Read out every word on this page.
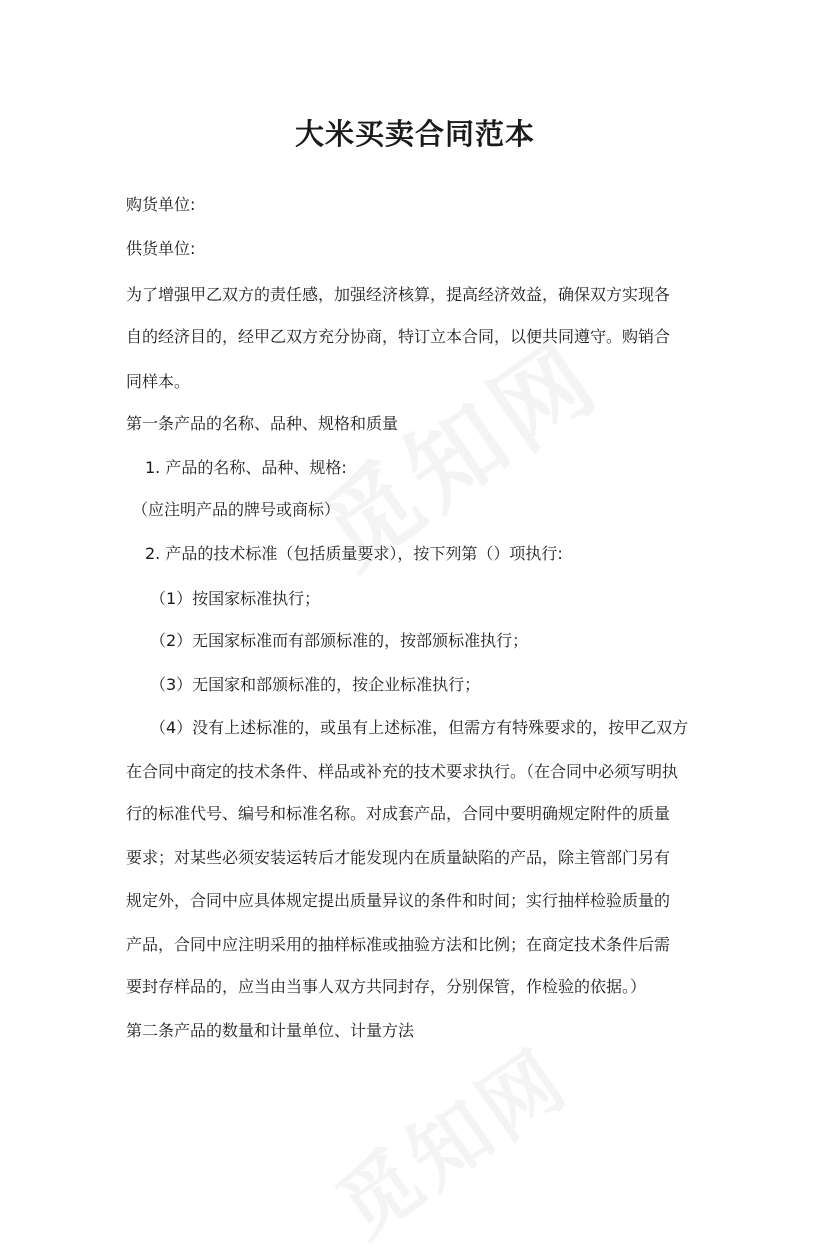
大米买卖合同范本

购货单位:

供货单位:

为了增强甲乙双方的责任感，加强经济核算，提高经济效益，确保双方实现各

自的经济目的，经甲乙双方充分协商，特订立本合同，以便共同遵守。购销合

同样本。

第一条产品的名称、品种、规格和质量

1. 产品的名称、品种、规格:

（应注明产品的牌号或商标）

2. 产品的技术标准（包括质量要求），按下列第（）项执行:

（1）按国家标准执行；

（2）无国家标准而有部颁标准的，按部颁标准执行；

（3）无国家和部颁标准的，按企业标准执行；

（4）没有上述标准的，或虽有上述标准，但需方有特殊要求的，按甲乙双方

在合同中商定的技术条件、样品或补充的技术要求执行。（在合同中必须写明执

行的标准代号、编号和标准名称。对成套产品，合同中要明确规定附件的质量

要求；对某些必须安装运转后才能发现内在质量缺陷的产品，除主管部门另有

规定外，合同中应具体规定提出质量异议的条件和时间；实行抽样检验质量的

产品，合同中应注明采用的抽样标准或抽验方法和比例；在商定技术条件后需

要封存样品的，应当由当事人双方共同封存，分别保管，作检验的依据。）

第二条产品的数量和计量单位、计量方法
